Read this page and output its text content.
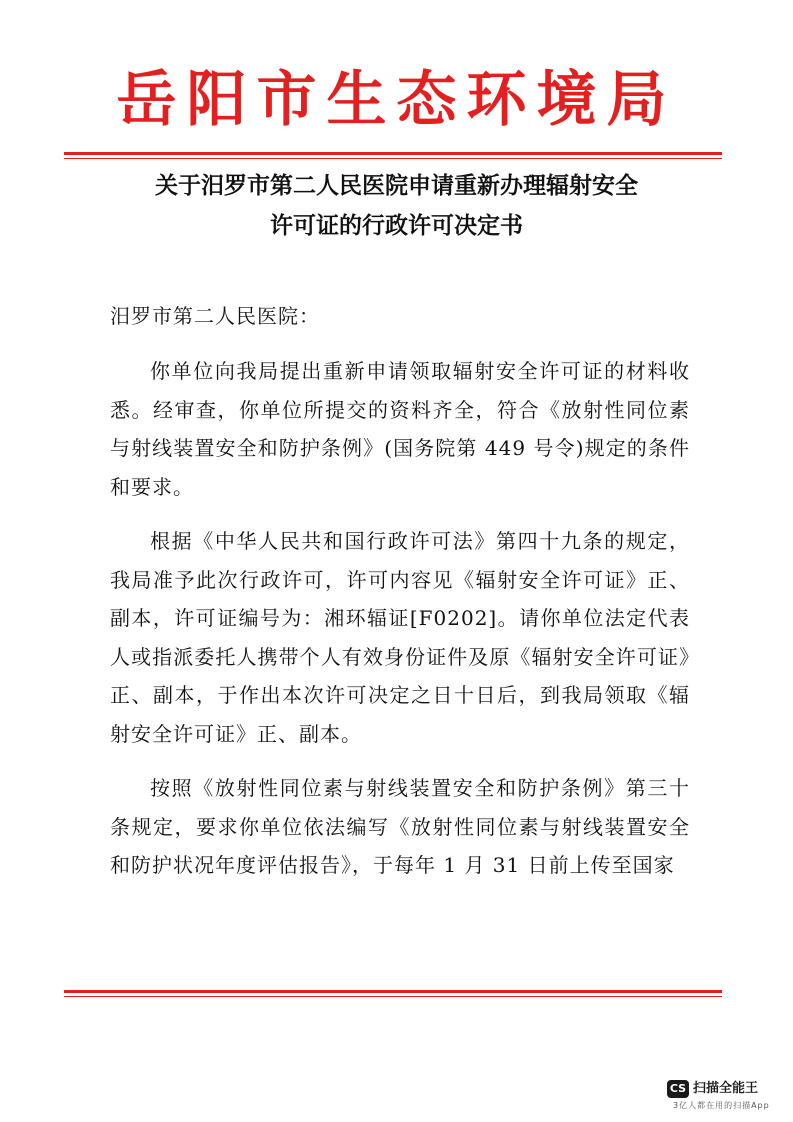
岳阳市生态环境局
关于汨罗市第二人民医院申请重新办理辐射安全
许可证的行政许可决定书

汨罗市第二人民医院：

你单位向我局提出重新申请领取辐射安全许可证的材料收悉。经审查，你单位所提交的资料齐全，符合《放射性同位素与射线装置安全和防护条例》(国务院第 449 号令)规定的条件和要求。

根据《中华人民共和国行政许可法》第四十九条的规定，我局准予此次行政许可，许可内容见《辐射安全许可证》正、副本，许可证编号为：湘环辐证[F0202]。请你单位法定代表人或指派委托人携带个人有效身份证件及原《辐射安全许可证》正、副本，于作出本次许可决定之日十日后，到我局领取《辐射安全许可证》正、副本。

按照《放射性同位素与射线装置安全和防护条例》第三十条规定，要求你单位依法编写《放射性同位素与射线装置安全和防护状况年度评估报告》，于每年 1 月 31 日前上传至国家

CS 扫描全能王
3亿人都在用的扫描App
